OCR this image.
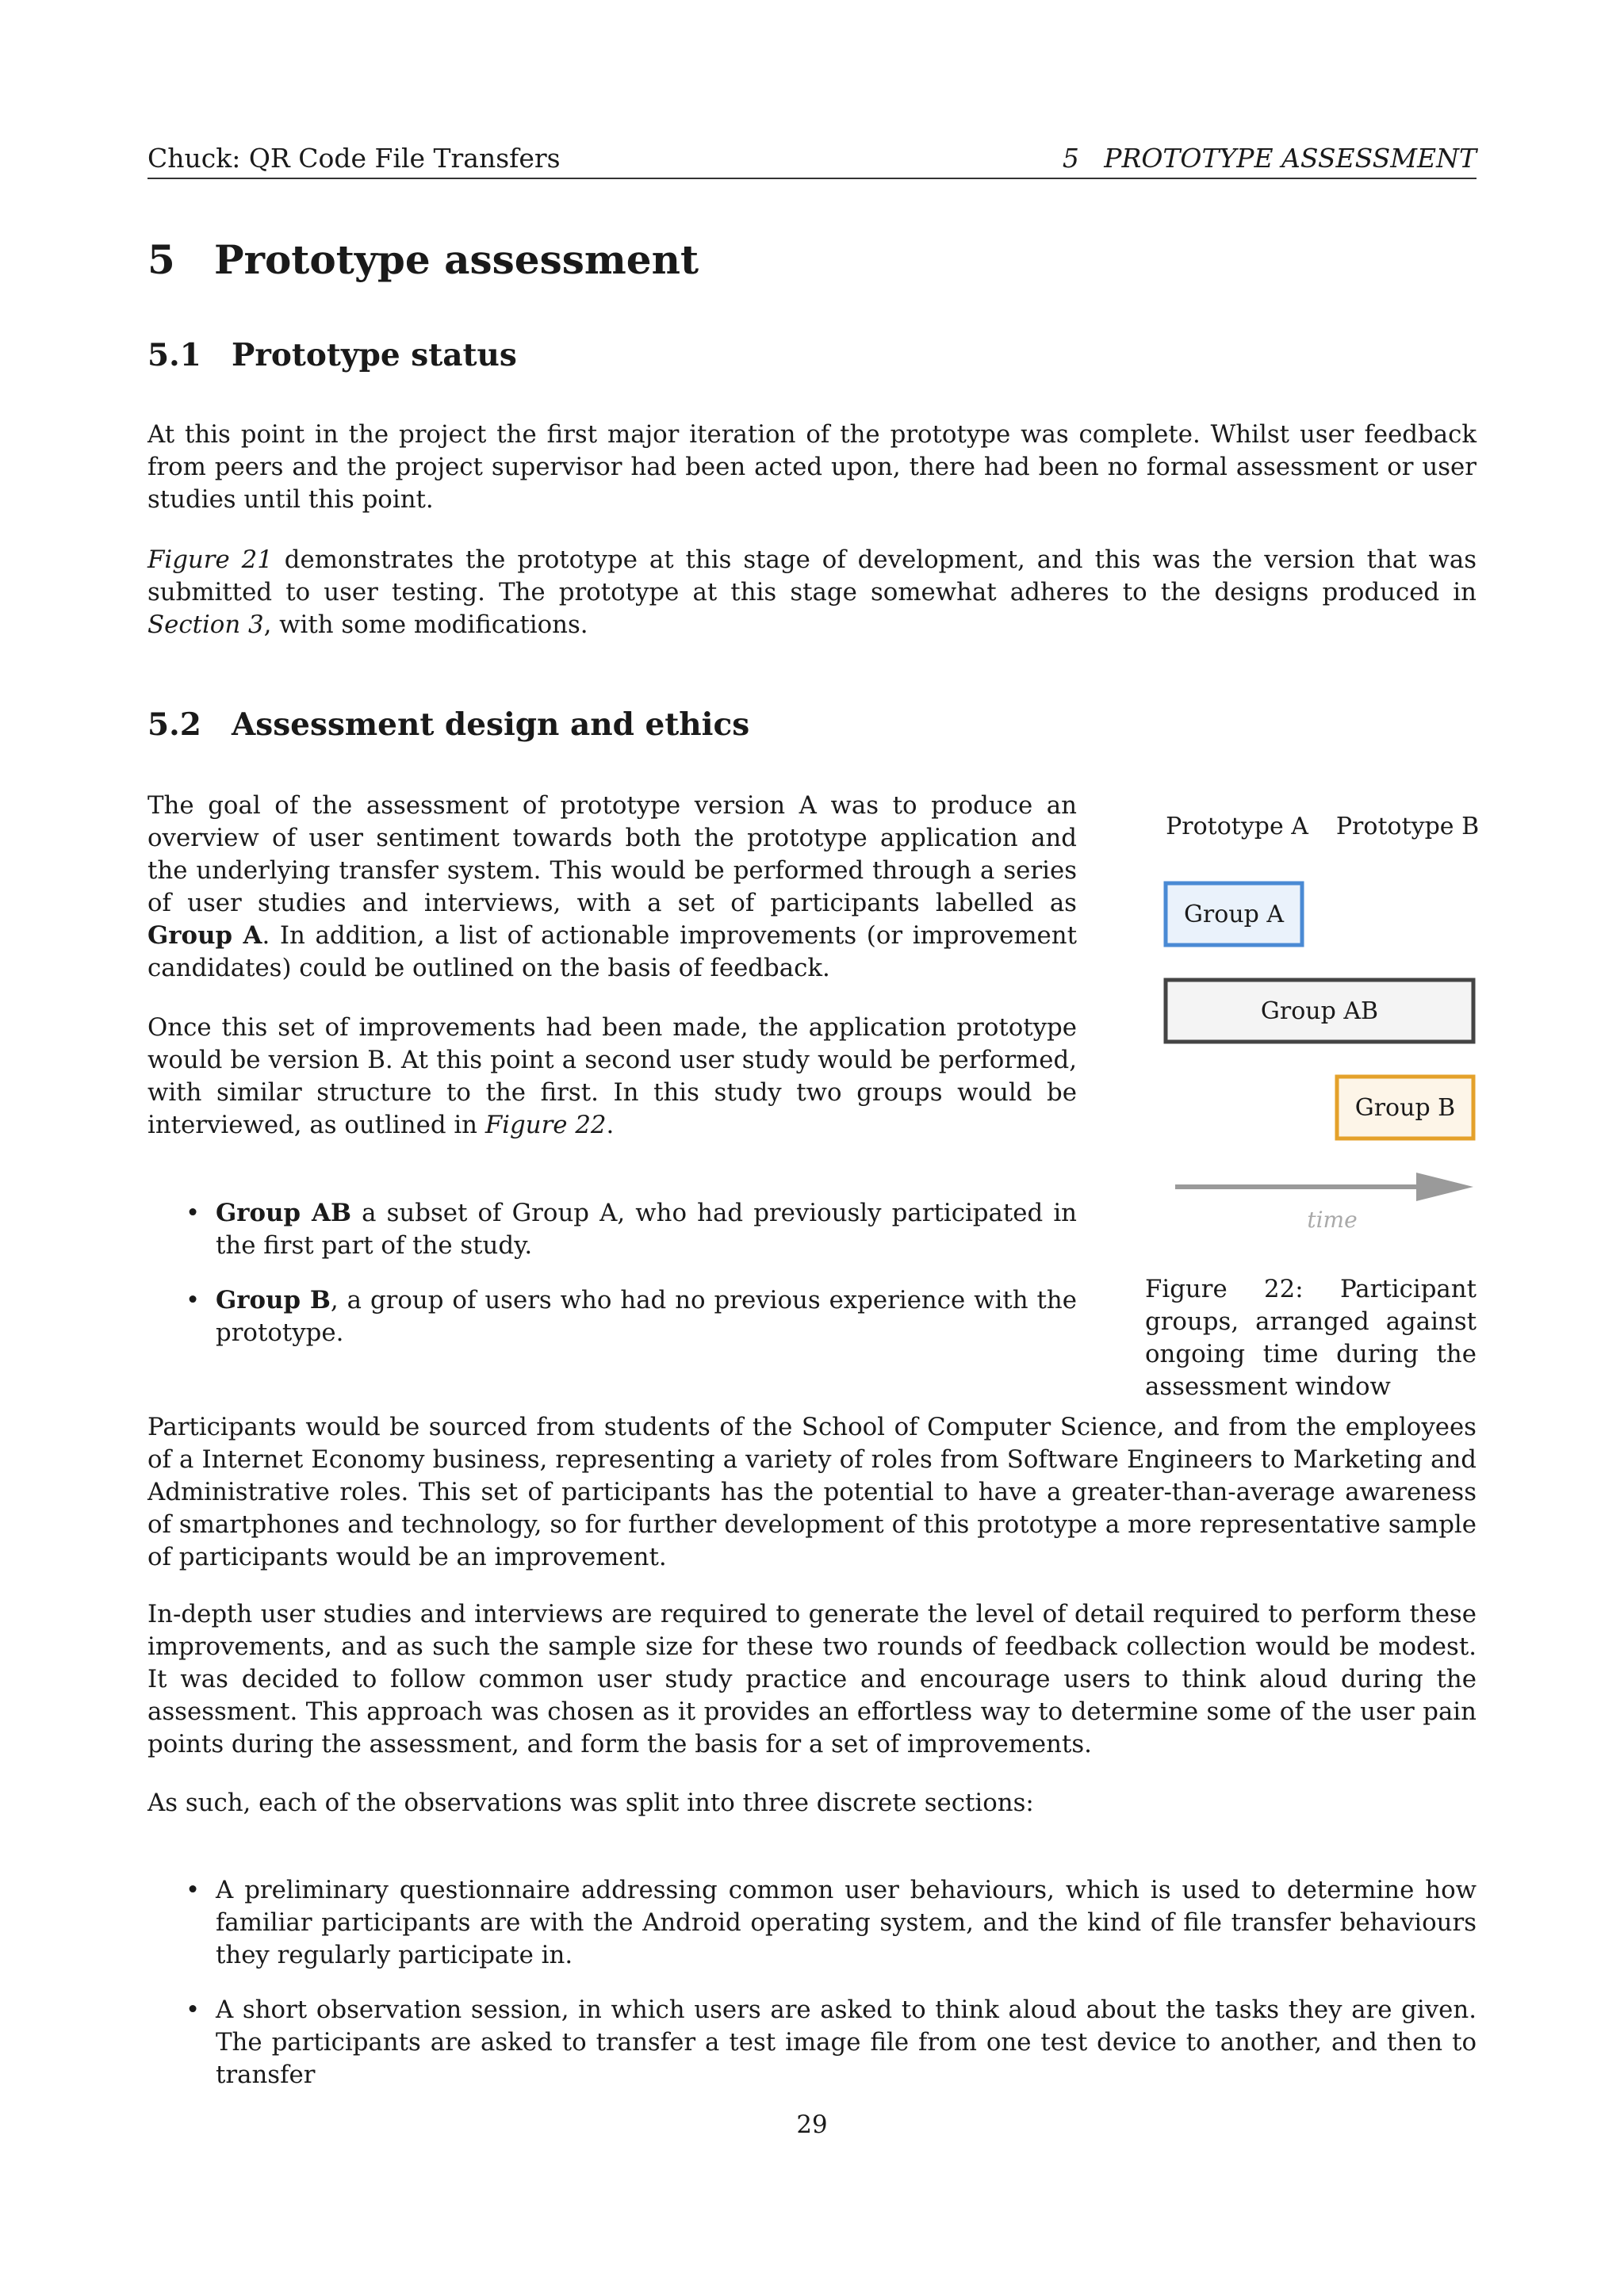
Chuck: QR Code File Transfers	5   PROTOTYPE ASSESSMENT
5 Prototype assessment
5.1 Prototype status

At this point in the project the first major iteration of the prototype was complete. Whilst user feedback from peers and the project supervisor had been acted upon, there had been no formal assessment or user studies until this point.

Figure 21 demonstrates the prototype at this stage of development, and this was the version that was submitted to user testing. The prototype at this stage somewhat adheres to the designs produced in Section 3, with some modifications.

5.2 Assessment design and ethics

The goal of the assessment of prototype version A was to produce an overview of user sentiment towards both the prototype application and the underlying transfer system. This would be performed through a series of user studies and interviews, with a set of participants labelled as Group A. In addition, a list of actionable improvements (or improvement candidates) could be outlined on the basis of feedback.

Once this set of improvements had been made, the application prototype would be version B. At this point a second user study would be performed, with similar structure to the first. In this study two groups would be interviewed, as outlined in Figure 22.

• Group AB a subset of Group A, who had previously participated in the first part of the study.
• Group B, a group of users who had no previous experience with the prototype.
Prototype A Prototype B
Group A
Group AB
Group B
time

Figure 22: Participant groups, arranged against ongoing time during the assessment window

Participants would be sourced from students of the School of Computer Science, and from the employees of a Internet Economy business, representing a variety of roles from Software Engineers to Marketing and Administrative roles. This set of participants has the potential to have a greater-than-average awareness of smartphones and technology, so for further development of this prototype a more representative sample of participants would be an improvement.

In-depth user studies and interviews are required to generate the level of detail required to perform these improvements, and as such the sample size for these two rounds of feedback collection would be modest. It was decided to follow common user study practice and encourage users to think aloud during the assessment. This approach was chosen as it provides an effortless way to determine some of the user pain points during the assessment, and form the basis for a set of improvements.

As such, each of the observations was split into three discrete sections:

• A preliminary questionnaire addressing common user behaviours, which is used to determine how familiar participants are with the Android operating system, and the kind of file transfer behaviours they regularly participate in.
• A short observation session, in which users are asked to think aloud about the tasks they are given. The participants are asked to transfer a test image file from one test device to another, and then to transfer
29
